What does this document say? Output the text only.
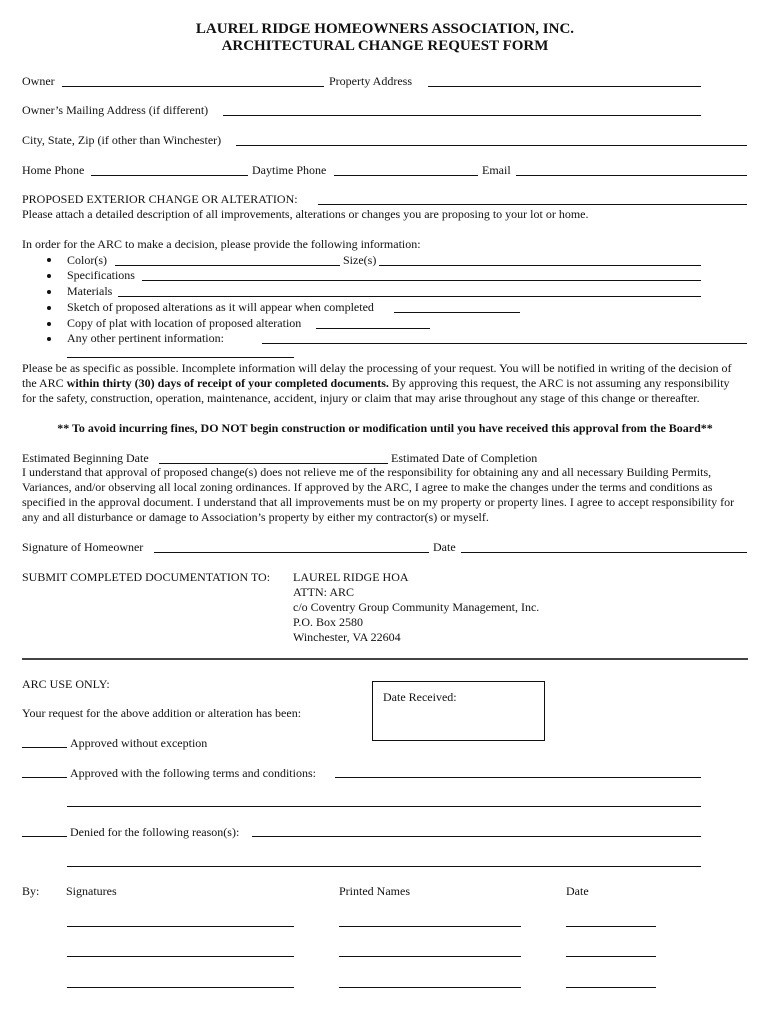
LAUREL RIDGE HOMEOWNERS ASSOCIATION, INC.
ARCHITECTURAL CHANGE REQUEST FORM
Owner	Property Address
Owner’s Mailing Address (if different)
City, State, Zip (if other than Winchester)
Home Phone	Daytime Phone	Email
PROPOSED EXTERIOR CHANGE OR ALTERATION:
Please attach a detailed description of all improvements, alterations or changes you are proposing to your lot or home.
In order for the ARC to make a decision, please provide the following information:
Color(s)	Size(s)
Specifications
Materials
Sketch of proposed alterations as it will appear when completed
Copy of plat with location of proposed alteration
Any other pertinent information:
Please be as specific as possible. Incomplete information will delay the processing of your request. You will be notified in writing of the decision of the ARC within thirty (30) days of receipt of your completed documents. By approving this request, the ARC is not assuming any responsibility for the safety, construction, operation, maintenance, accident, injury or claim that may arise throughout any stage of this change or thereafter.
** To avoid incurring fines, DO NOT begin construction or modification until you have received this approval from the Board**
Estimated Beginning Date	Estimated Date of Completion
I understand that approval of proposed change(s) does not relieve me of the responsibility for obtaining any and all necessary Building Permits, Variances, and/or observing all local zoning ordinances. If approved by the ARC, I agree to make the changes under the terms and conditions as specified in the approval document. I understand that all improvements must be on my property or property lines. I agree to accept responsibility for any and all disturbance or damage to Association’s property by either my contractor(s) or myself.
Signature of Homeowner	Date
SUBMIT COMPLETED DOCUMENTATION TO: LAUREL RIDGE HOA
ATTN: ARC
c/o Coventry Group Community Management, Inc.
P.O. Box 2580
Winchester, VA 22604
ARC USE ONLY:
Date Received:
Your request for the above addition or alteration has been:
Approved without exception
Approved with the following terms and conditions:
Denied for the following reason(s):
By: Signatures	Printed Names	Date
